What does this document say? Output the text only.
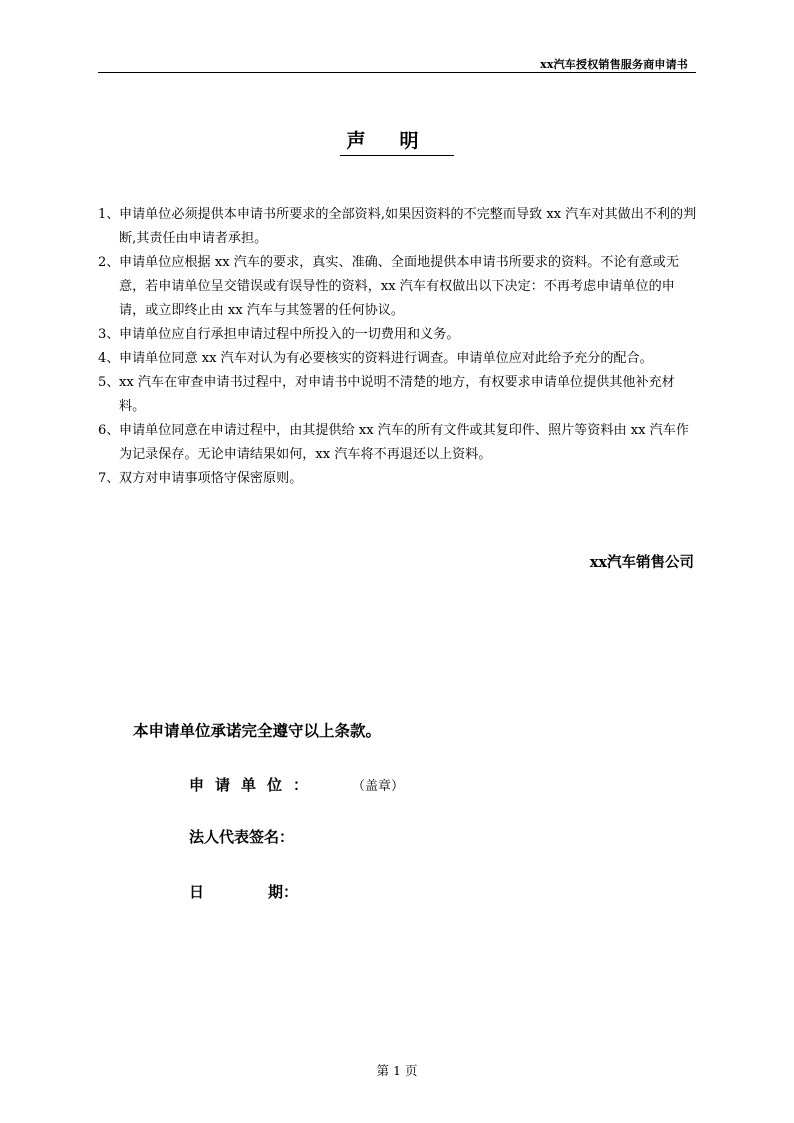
xx汽车授权销售服务商申请书
声明
1、 申请单位必须提供本申请书所要求的全部资料,如果因资料的不完整而导致 xx 汽车对其做出不利的判断,其责任由申请者承担。
2、 申请单位应根据 xx 汽车的要求，真实、准确、全面地提供本申请书所要求的资料。不论有意或无意，若申请单位呈交错误或有误导性的资料，xx 汽车有权做出以下决定：不再考虑申请单位的申请，或立即终止由 xx 汽车与其签署的任何协议。
3、 申请单位应自行承担申请过程中所投入的一切费用和义务。
4、 申请单位同意 xx 汽车对认为有必要核实的资料进行调查。申请单位应对此给予充分的配合。
5、 xx 汽车在审查申请书过程中，对申请书中说明不清楚的地方，有权要求申请单位提供其他补充材料。
6、 申请单位同意在申请过程中，由其提供给 xx 汽车的所有文件或其复印件、照片等资料由 xx 汽车作为记录保存。无论申请结果如何，xx 汽车将不再退还以上资料。
7、 双方对申请事项恪守保密原则。
xx汽车销售公司
本申请单位承诺完全遵守以上条款。
申请单位：	（盖章）
法人代表签名：
日	期：
第 1 页
